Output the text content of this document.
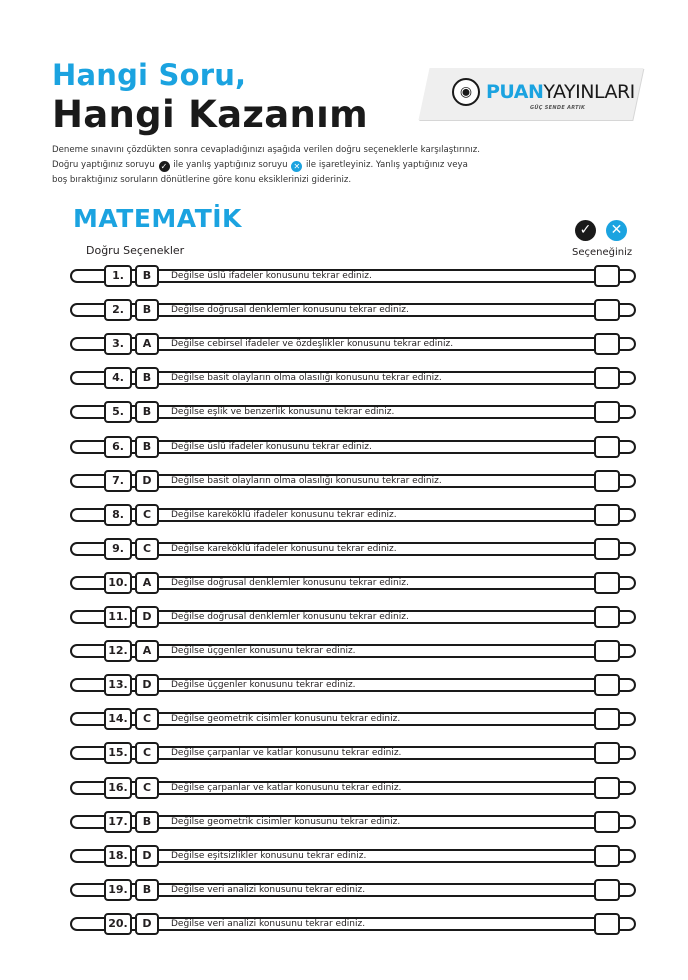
Hangi Soru,
Hangi Kazanım
◉ PUANYAYINLARI
GÜÇ SENDE ARTIK

Deneme sınavını çözdükten sonra cevapladığınızı aşağıda verilen doğru seçeneklerle karşılaştırınız.

Doğru yaptığınız soruyu ✓ ile yanlış yaptığınız soruyu ✕ ile işaretleyiniz. Yanlış yaptığınız veya

boş bıraktığınız soruların dönütlerine göre konu eksiklerinizi gideriniz.

MATEMATİK	✓	✕
Doğru Seçenekler	Seçeneğiniz
1.	B	Değilse üslü ifadeler konusunu tekrar ediniz.
2.	B	Değilse doğrusal denklemler konusunu tekrar ediniz.
3.	A	Değilse cebirsel ifadeler ve özdeşlikler konusunu tekrar ediniz.
4.	B	Değilse basit olayların olma olasılığı konusunu tekrar ediniz.
5.	B	Değilse eşlik ve benzerlik konusunu tekrar ediniz.
6.	B	Değilse üslü ifadeler konusunu tekrar ediniz.
7.	D	Değilse basit olayların olma olasılığı konusunu tekrar ediniz.
8.	C	Değilse kareköklü ifadeler konusunu tekrar ediniz.
9.	C	Değilse kareköklü ifadeler konusunu tekrar ediniz.
10.	A	Değilse doğrusal denklemler konusunu tekrar ediniz.
11.	D	Değilse doğrusal denklemler konusunu tekrar ediniz.
12.	A	Değilse üçgenler konusunu tekrar ediniz.
13.	D	Değilse üçgenler konusunu tekrar ediniz.
14.	C	Değilse geometrik cisimler konusunu tekrar ediniz.
15.	C	Değilse çarpanlar ve katlar konusunu tekrar ediniz.
16.	C	Değilse çarpanlar ve katlar konusunu tekrar ediniz.
17.	B	Değilse geometrik cisimler konusunu tekrar ediniz.
18.	D	Değilse eşitsizlikler konusunu tekrar ediniz.
19.	B	Değilse veri analizi konusunu tekrar ediniz.
20.	D	Değilse veri analizi konusunu tekrar ediniz.
